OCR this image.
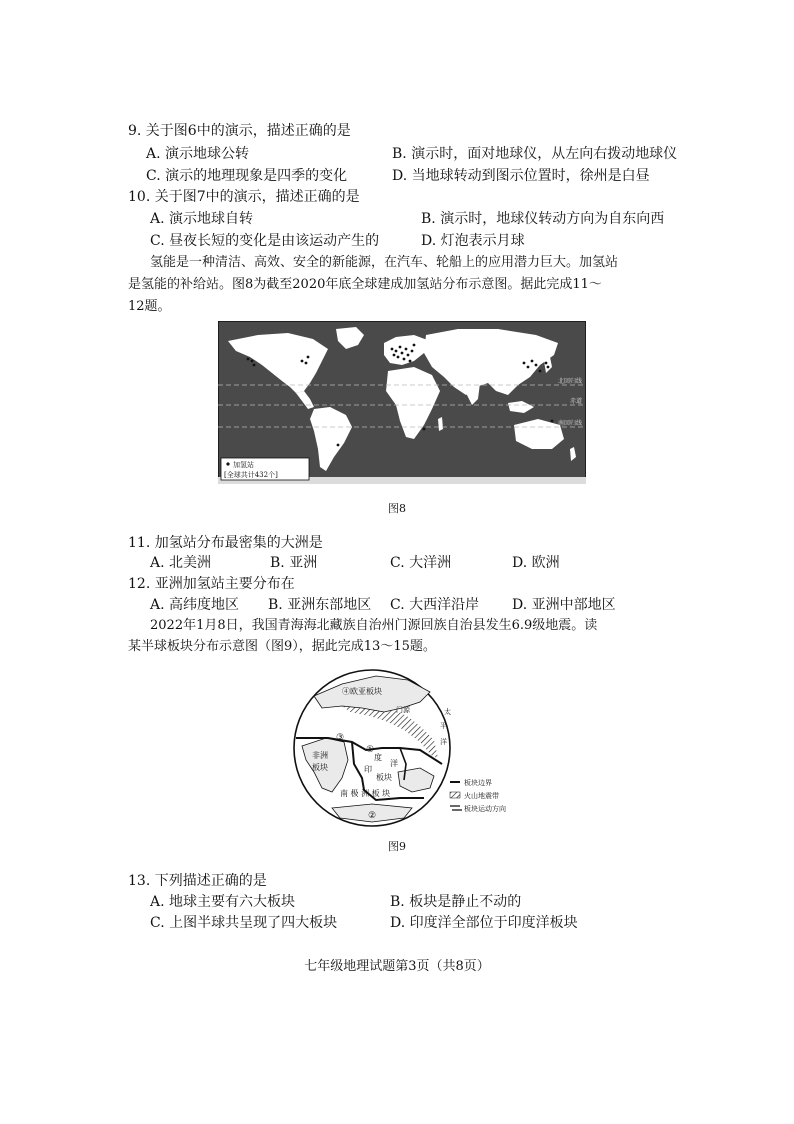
9. 关于图6中的演示，描述正确的是
A. 演示地球公转	B. 演示时，面对地球仪，从左向右拨动地球仪
C. 演示的地理现象是四季的变化	D. 当地球转动到图示位置时，徐州是白昼
10. 关于图7中的演示，描述正确的是
A. 演示地球自转	B. 演示时，地球仪转动方向为自东向西
C. 昼夜长短的变化是由该运动产生的	D. 灯泡表示月球
氢能是一种清洁、高效、安全的新能源，在汽车、轮船上的应用潜力巨大。加氢站
是氢能的补给站。图8为截至2020年底全球建成加氢站分布示意图。据此完成11～
12题。
北回归线
赤道
南回归线
加氢站
[全球共计432个]
图8
11. 加氢站分布最密集的大洲是
A. 北美洲	B. 亚洲	C. 大洋洲	D. 欧洲
12. 亚洲加氢站主要分布在
A. 高纬度地区 B. 亚洲东部地区 C. 大西洋沿岸 D. 亚洲中部地区
2022年1月8日，我国青海海北藏族自治州门源回族自治县发生6.9级地震。读
某半球板块分布示意图（图9），据此完成13～15题。
④欧亚板块
门源	太
平
洋
非洲
板块
度
洋
印
板块
南 极 洲 板 块
③
①
②
板块边界
火山地震带
板块运动方向
图9
13. 下列描述正确的是
A. 地球主要有六大板块	B. 板块是静止不动的
C. 上图半球共呈现了四大板块	D. 印度洋全部位于印度洋板块
七年级地理试题第3页（共8页）
